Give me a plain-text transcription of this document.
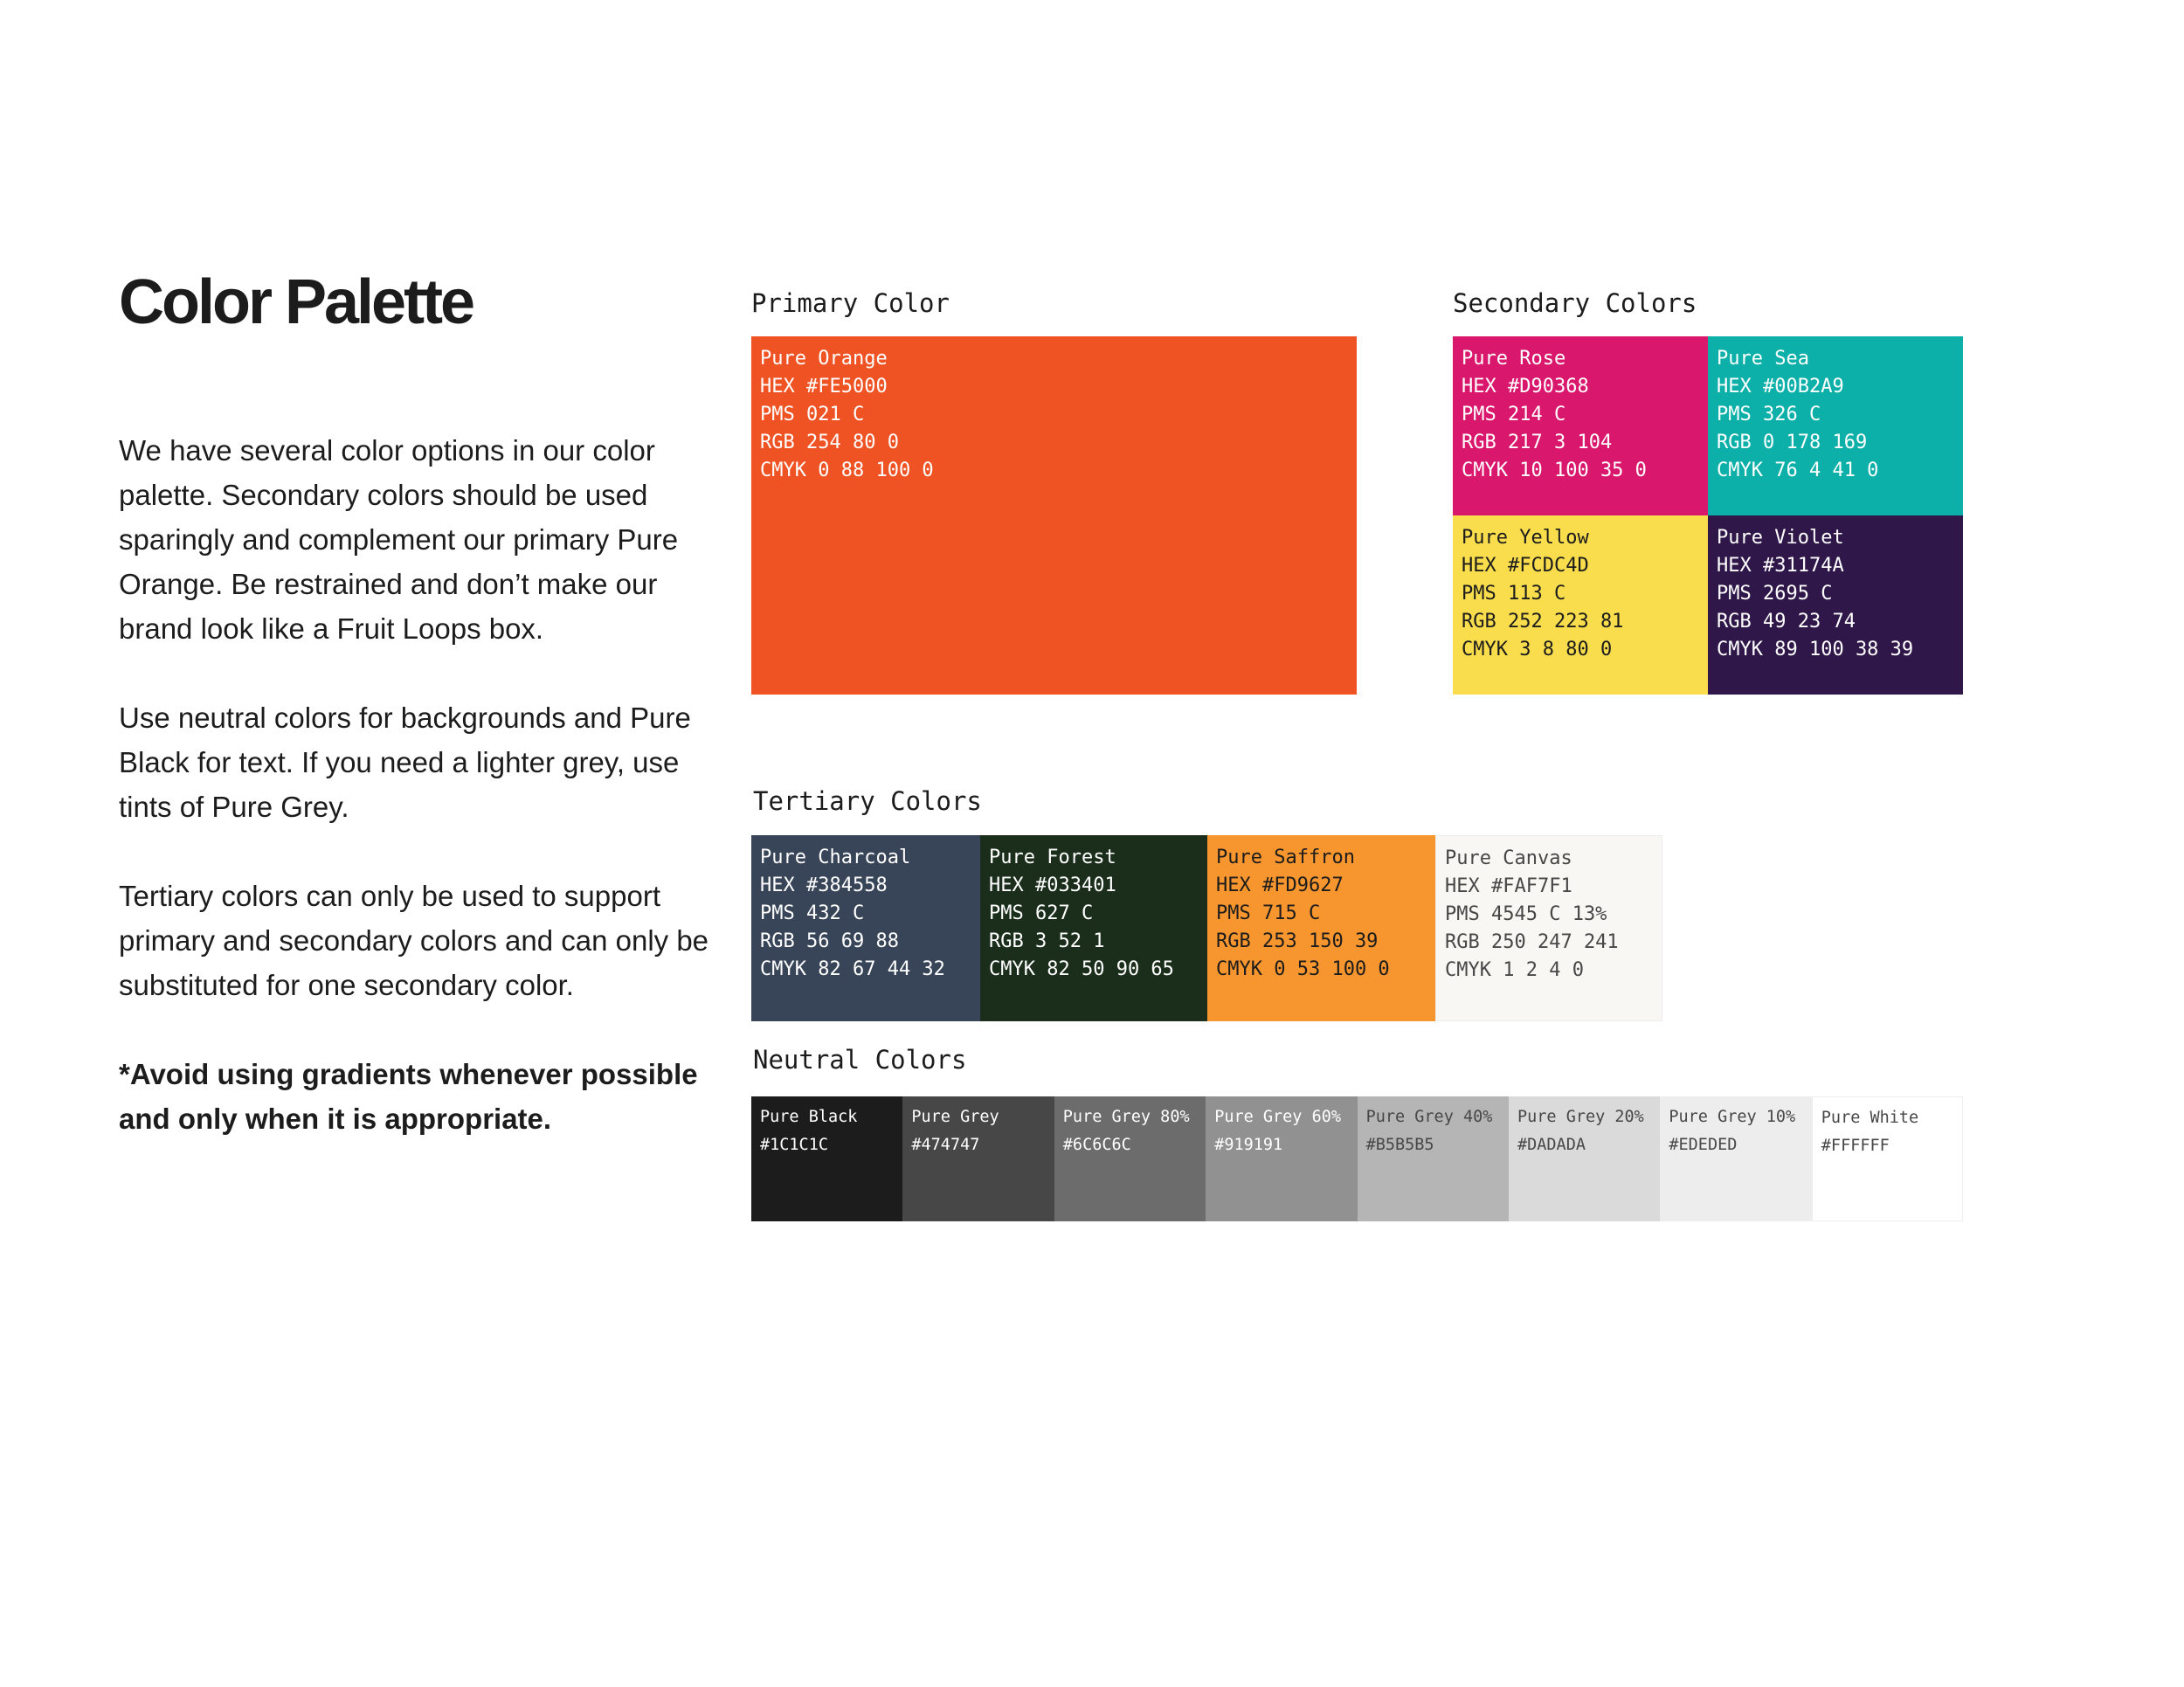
Color Palette

We have several color options in our color palette. Secondary colors should be used sparingly and complement our primary Pure Orange. Be restrained and don’t make our brand look like a Fruit Loops box.

Use neutral colors for backgrounds and Pure Black for text. If you need a lighter grey, use tints of Pure Grey.

Tertiary colors can only be used to support primary and secondary colors and can only be substituted for one secondary color.

*Avoid using gradients whenever possible and only when it is appropriate.

Primary Color	Secondary Colors
Tertiary Colors
Neutral Colors
Pure Orange
HEX #FE5000
PMS 021 C
RGB 254 80 0
CMYK 0 88 100 0
Pure Rose
HEX #D90368
PMS 214 C
RGB 217 3 104
CMYK 10 100 35 0
Pure Sea
HEX #00B2A9
PMS 326 C
RGB 0 178 169
CMYK 76 4 41 0
Pure Yellow
HEX #FCDC4D
PMS 113 C
RGB 252 223 81
CMYK 3 8 80 0
Pure Violet
HEX #31174A
PMS 2695 C
RGB 49 23 74
CMYK 89 100 38 39
Pure Charcoal
HEX #384558
PMS 432 C
RGB 56 69 88
CMYK 82 67 44 32
Pure Forest
HEX #033401
PMS 627 C
RGB 3 52 1
CMYK 82 50 90 65
Pure Saffron
HEX #FD9627
PMS 715 C
RGB 253 150 39
CMYK 0 53 100 0
Pure Canvas
HEX #FAF7F1
PMS 4545 C 13%
RGB 250 247 241
CMYK 1 2 4 0
Pure Black
#1C1C1C
Pure Grey
#474747
Pure Grey 80%
#6C6C6C
Pure Grey 60%
#919191
Pure Grey 40%
#B5B5B5
Pure Grey 20%
#DADADA
Pure Grey 10%
#EDEDED
Pure White
#FFFFFF
